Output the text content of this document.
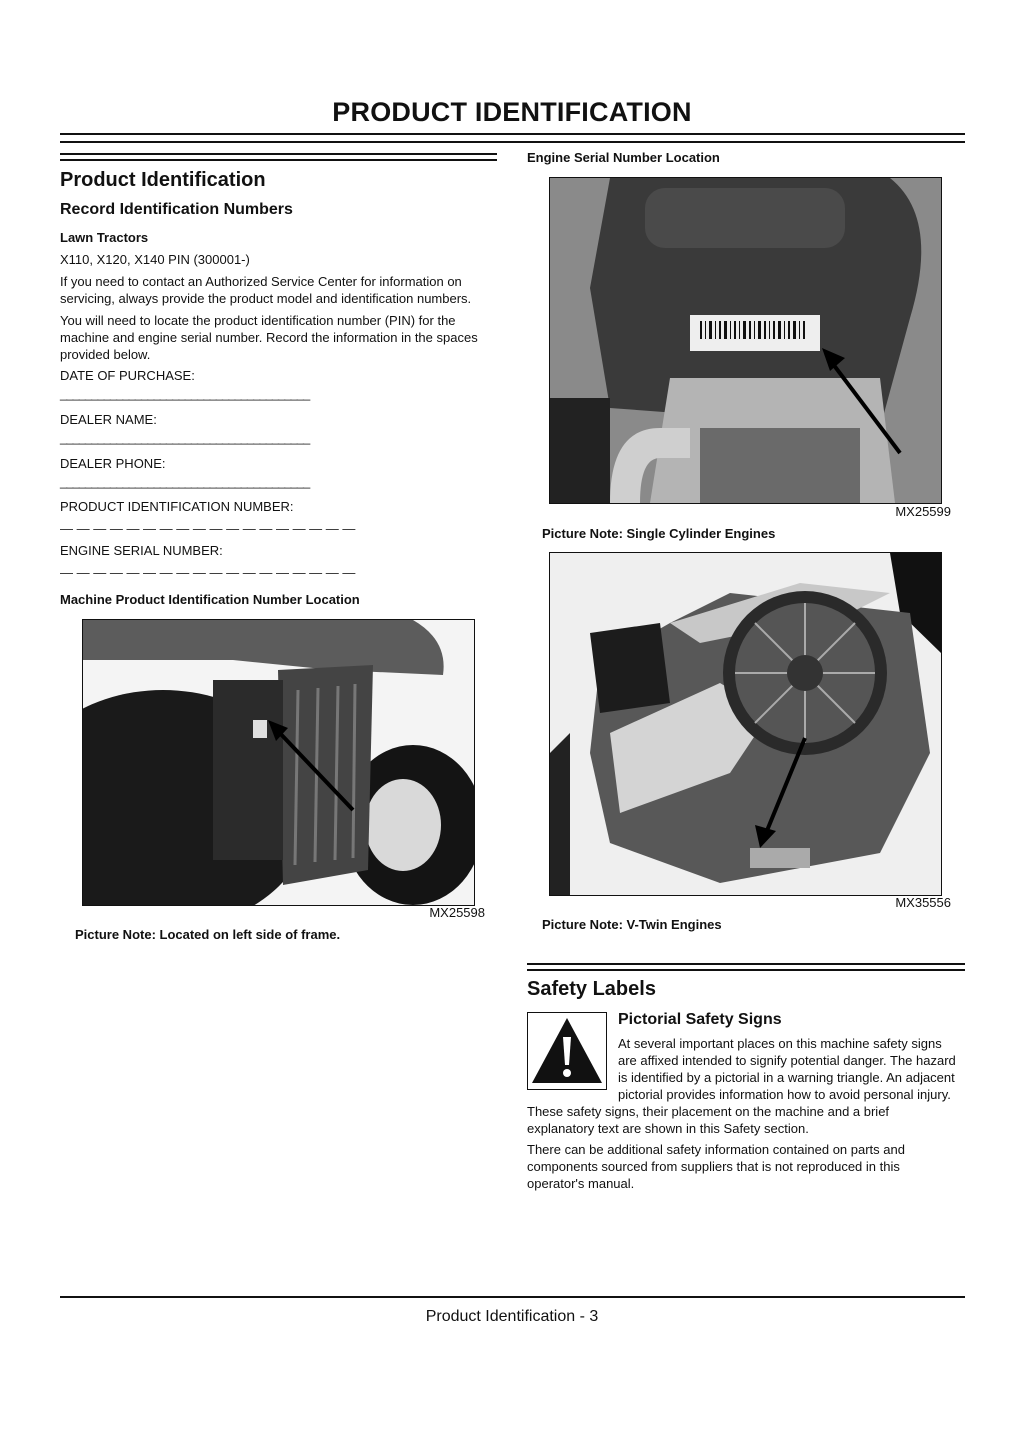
PRODUCT IDENTIFICATION
Product Identification
Record Identification Numbers
Lawn Tractors
X110, X120, X140 PIN (300001-)
If you need to contact an Authorized Service Center for information on servicing, always provide the product model and identification numbers.
You will need to locate the product identification number (PIN) for the machine and engine serial number. Record the information in the spaces provided below.
DATE OF PURCHASE:
________________________________________
DEALER NAME:
________________________________________
DEALER PHONE:
________________________________________
PRODUCT IDENTIFICATION NUMBER:
— — — — — — — — — — — — — — — — — —
ENGINE SERIAL NUMBER:
— — — — — — — — — — — — — — — — — —
Machine Product Identification Number Location
MX25598
Picture Note: Located on left side of frame.
Engine Serial Number Location
MX25599
Picture Note: Single Cylinder Engines
MX35556
Picture Note: V-Twin Engines
Safety Labels
Pictorial Safety Signs
At several important places on this machine safety signs are affixed intended to signify potential danger. The hazard is identified by a pictorial in a warning triangle. An adjacent pictorial provides information how to avoid personal injury.
These safety signs, their placement on the machine and a brief explanatory text are shown in this Safety section.
There can be additional safety information contained on parts and components sourced from suppliers that is not reproduced in this operator's manual.
Product Identification - 3
